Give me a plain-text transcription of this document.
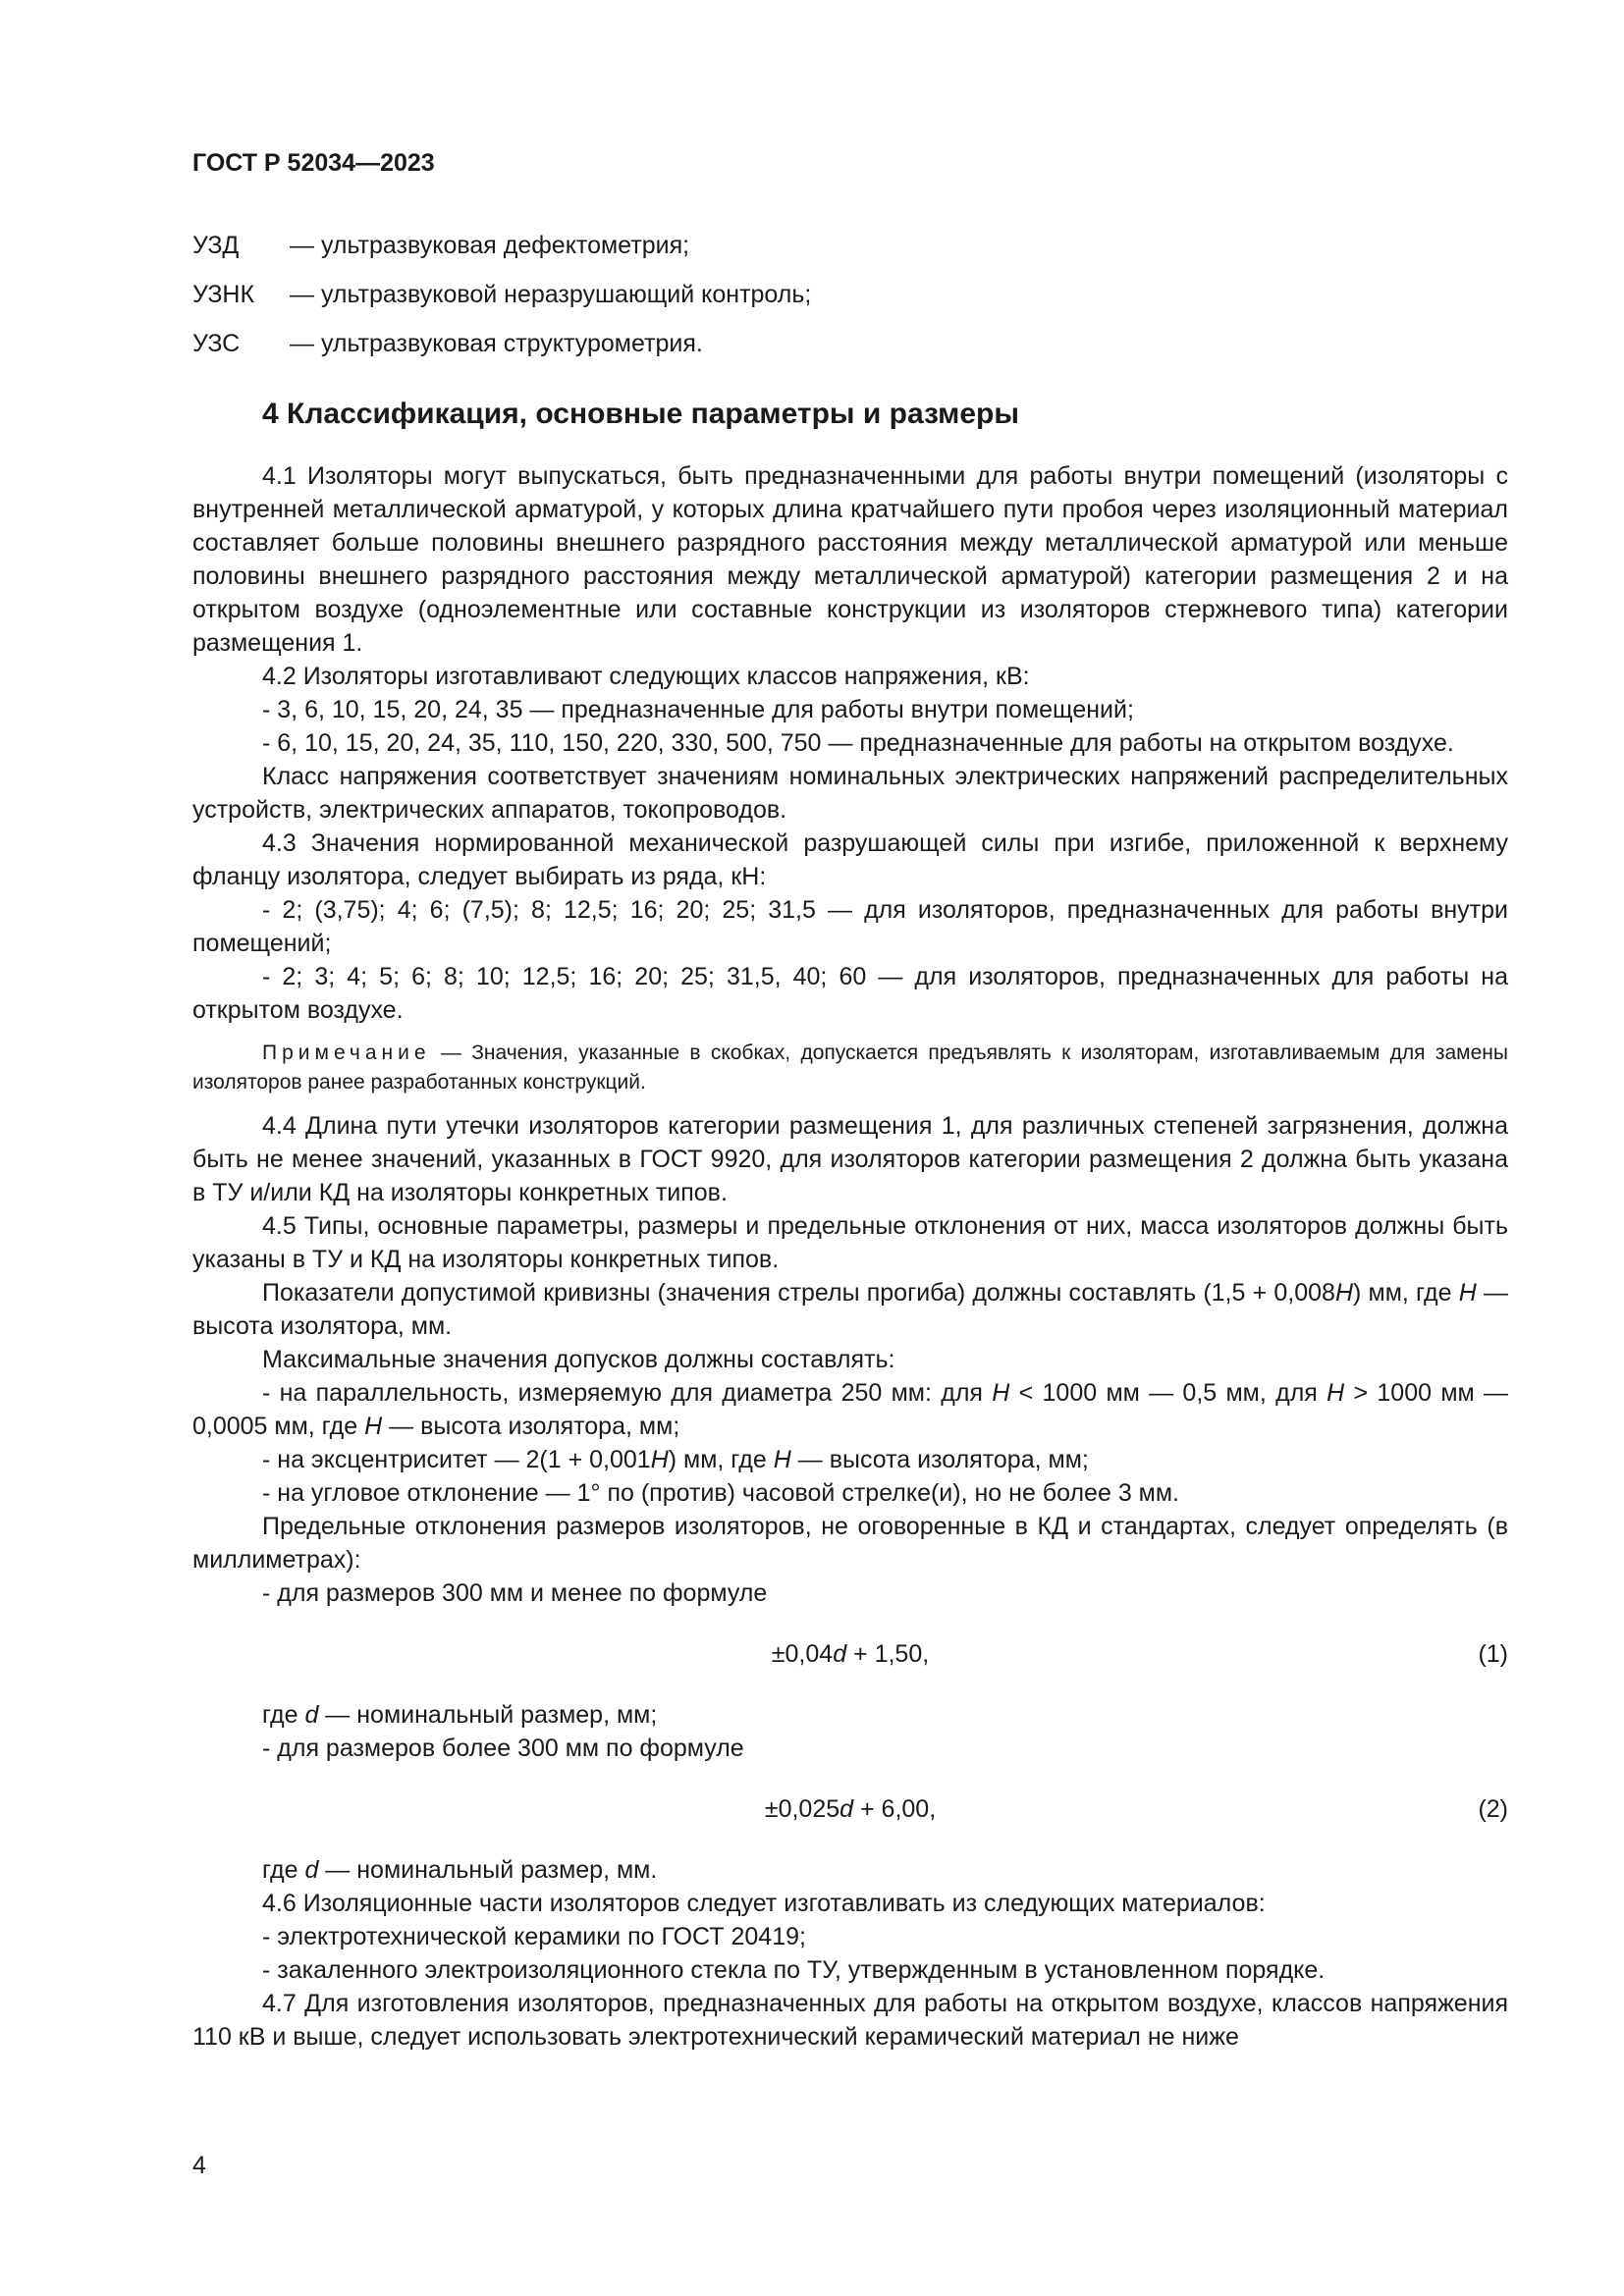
ГОСТ Р 52034—2023
УЗД — ультразвуковая дефектометрия;
УЗНК — ультразвуковой неразрушающий контроль;
УЗС — ультразвуковая структурометрия.
4 Классификация, основные параметры и размеры

4.1 Изоляторы могут выпускаться, быть предназначенными для работы внутри помещений (изоляторы с внутренней металлической арматурой, у которых длина кратчайшего пути пробоя через изоляционный материал составляет больше половины внешнего разрядного расстояния между металлической арматурой или меньше половины внешнего разрядного расстояния между металлической арматурой) категории размещения 2 и на открытом воздухе (одноэлементные или составные конструкции из изоляторов стержневого типа) категории размещения 1.

4.2 Изоляторы изготавливают следующих классов напряжения, кВ:

- 3, 6, 10, 15, 20, 24, 35 — предназначенные для работы внутри помещений;

- 6, 10, 15, 20, 24, 35, 110, 150, 220, 330, 500, 750 — предназначенные для работы на открытом воздухе.

Класс напряжения соответствует значениям номинальных электрических напряжений распределительных устройств, электрических аппаратов, токопроводов.

4.3 Значения нормированной механической разрушающей силы при изгибе, приложенной к верхнему фланцу изолятора, следует выбирать из ряда, кН:

- 2; (3,75); 4; 6; (7,5); 8; 12,5; 16; 20; 25; 31,5 — для изоляторов, предназначенных для работы внутри помещений;

- 2; 3; 4; 5; 6; 8; 10; 12,5; 16; 20; 25; 31,5, 40; 60 — для изоляторов, предназначенных для работы на открытом воздухе.

Примечание — Значения, указанные в скобках, допускается предъявлять к изоляторам, изготавливаемым для замены изоляторов ранее разработанных конструкций.

4.4 Длина пути утечки изоляторов категории размещения 1, для различных степеней загрязнения, должна быть не менее значений, указанных в ГОСТ 9920, для изоляторов категории размещения 2 должна быть указана в ТУ и/или КД на изоляторы конкретных типов.

4.5 Типы, основные параметры, размеры и предельные отклонения от них, масса изоляторов должны быть указаны в ТУ и КД на изоляторы конкретных типов.

Показатели допустимой кривизны (значения стрелы прогиба) должны составлять (1,5 + 0,008H) мм, где H — высота изолятора, мм.

Максимальные значения допусков должны составлять:

- на параллельность, измеряемую для диаметра 250 мм: для H < 1000 мм — 0,5 мм, для H > 1000 мм — 0,0005 мм, где H — высота изолятора, мм;

- на эксцентриситет — 2(1 + 0,001H) мм, где H — высота изолятора, мм;

- на угловое отклонение — 1° по (против) часовой стрелке(и), но не более 3 мм.

Предельные отклонения размеров изоляторов, не оговоренные в КД и стандартах, следует определять (в миллиметрах):

- для размеров 300 мм и менее по формуле

±0,04d + 1,50,	(1)

где d — номинальный размер, мм;

- для размеров более 300 мм по формуле

±0,025d + 6,00,	(2)

где d — номинальный размер, мм.

4.6 Изоляционные части изоляторов следует изготавливать из следующих материалов:

- электротехнической керамики по ГОСТ 20419;

- закаленного электроизоляционного стекла по ТУ, утвержденным в установленном порядке.

4.7 Для изготовления изоляторов, предназначенных для работы на открытом воздухе, классов напряжения 110 кВ и выше, следует использовать электротехнический керамический материал не ниже

4
